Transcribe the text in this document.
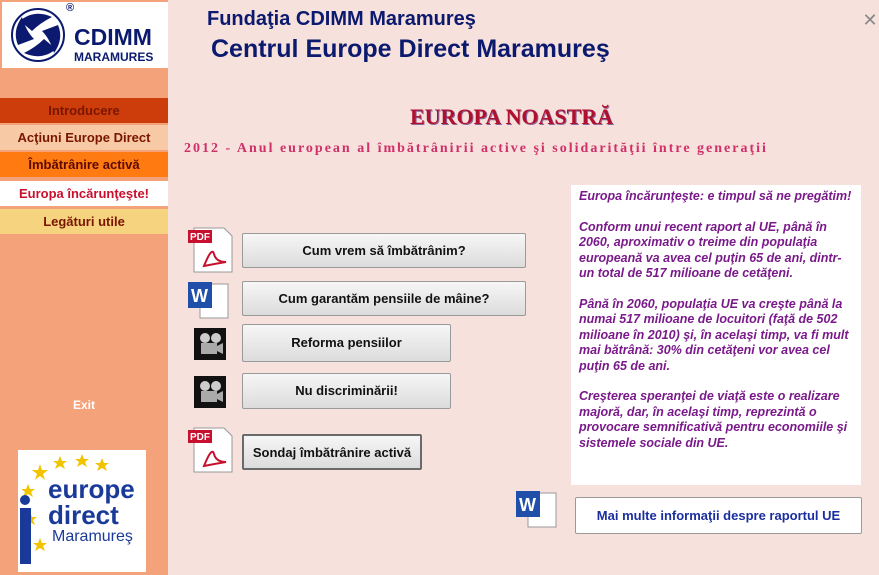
®
CDIMM
MARAMURES
Introducere
Acţiuni Europe Direct
Îmbătrânire activă
Europa încărunţeşte!
Legături utile
Exit
europe
direct
Maramureş
Fundaţia CDIMM Maramureş
Centrul Europe Direct Maramureş
✕
EUROPA NOASTRĂ
2012 - Anul european al îmbătrânirii active şi solidarităţii între generaţii
PDF
W
PDF
W
Cum vrem să îmbătrânim?
Cum garantăm pensiile de mâine?
Reforma pensiilor
Nu discriminării!
Sondaj îmbătrânire activă

Europa încărunţeşte: e timpul să ne pregătim!

Conform unui recent raport al UE, până în 2060, aproximativ o treime din populaţia europeană va avea cel puţin 65 de ani, dintr-un total de 517 milioane de cetăţeni.

Până în 2060, populaţia UE va creşte până la numai 517 milioane de locuitori (faţă de 502 milioane în 2010) şi, în acelaşi timp, va fi mult mai bătrână: 30% din cetăţeni vor avea cel puţin 65 de ani.

Creşterea speranţei de viaţă este o realizare majoră, dar, în acelaşi timp, reprezintă o provocare semnificativă pentru economiile şi sistemele sociale din UE.

Mai multe informaţii despre raportul UE
